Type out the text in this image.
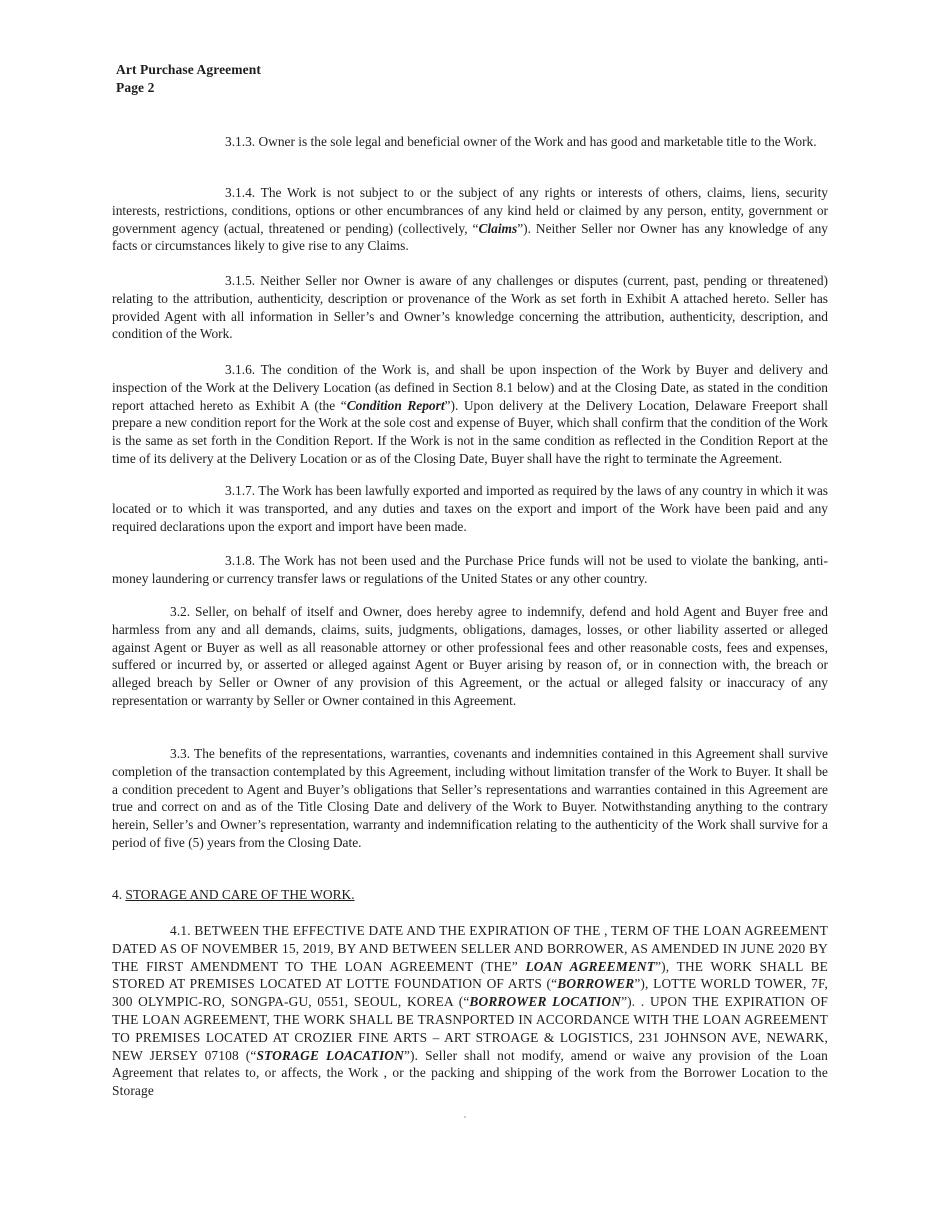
Art Purchase Agreement
Page 2

3.1.3. Owner is the sole legal and beneficial owner of the Work and has good and marketable title to the Work.

3.1.4. The Work is not subject to or the subject of any rights or interests of others, claims, liens, security interests, restrictions, conditions, options or other encumbrances of any kind held or claimed by any person, entity, government or government agency (actual, threatened or pending) (collectively, “Claims”). Neither Seller nor Owner has any knowledge of any facts or circumstances likely to give rise to any Claims.

3.1.5. Neither Seller nor Owner is aware of any challenges or disputes (current, past, pending or threatened) relating to the attribution, authenticity, description or provenance of the Work as set forth in Exhibit A attached hereto. Seller has provided Agent with all information in Seller’s and Owner’s knowledge concerning the attribution, authenticity, description, and condition of the Work.

3.1.6. The condition of the Work is, and shall be upon inspection of the Work by Buyer and delivery and inspection of the Work at the Delivery Location (as defined in Section 8.1 below) and at the Closing Date, as stated in the condition report attached hereto as Exhibit A (the “Condition Report”). Upon delivery at the Delivery Location, Delaware Freeport shall prepare a new condition report for the Work at the sole cost and expense of Buyer, which shall confirm that the condition of the Work is the same as set forth in the Condition Report. If the Work is not in the same condition as reflected in the Condition Report at the time of its delivery at the Delivery Location or as of the Closing Date, Buyer shall have the right to terminate the Agreement.

3.1.7. The Work has been lawfully exported and imported as required by the laws of any country in which it was located or to which it was transported, and any duties and taxes on the export and import of the Work have been paid and any required declarations upon the export and import have been made.

3.1.8. The Work has not been used and the Purchase Price funds will not be used to violate the banking, anti-money laundering or currency transfer laws or regulations of the United States or any other country.

3.2. Seller, on behalf of itself and Owner, does hereby agree to indemnify, defend and hold Agent and Buyer free and harmless from any and all demands, claims, suits, judgments, obligations, damages, losses, or other liability asserted or alleged against Agent or Buyer as well as all reasonable attorney or other professional fees and other reasonable costs, fees and expenses, suffered or incurred by, or asserted or alleged against Agent or Buyer arising by reason of, or in connection with, the breach or alleged breach by Seller or Owner of any provision of this Agreement, or the actual or alleged falsity or inaccuracy of any representation or warranty by Seller or Owner contained in this Agreement.

3.3. The benefits of the representations, warranties, covenants and indemnities contained in this Agreement shall survive completion of the transaction contemplated by this Agreement, including without limitation transfer of the Work to Buyer. It shall be a condition precedent to Agent and Buyer’s obligations that Seller’s representations and warranties contained in this Agreement are true and correct on and as of the Title Closing Date and delivery of the Work to Buyer. Notwithstanding anything to the contrary herein, Seller’s and Owner’s representation, warranty and indemnification relating to the authenticity of the Work shall survive for a period of five (5) years from the Closing Date.

4. STORAGE AND CARE OF THE WORK.

4.1. BETWEEN THE EFFECTIVE DATE AND THE EXPIRATION OF THE , TERM OF THE LOAN AGREEMENT DATED AS OF NOVEMBER 15, 2019, BY AND BETWEEN SELLER AND BORROWER, AS AMENDED IN JUNE 2020 BY THE FIRST AMENDMENT TO THE LOAN AGREEMENT (THE” LOAN AGREEMENT”), THE WORK SHALL BE STORED AT PREMISES LOCATED AT LOTTE FOUNDATION OF ARTS (“BORROWER”), LOTTE WORLD TOWER, 7F, 300 OLYMPIC-RO, SONGPA-GU, 0551, SEOUL, KOREA (“BORROWER LOCATION”). . UPON THE EXPIRATION OF THE LOAN AGREEMENT, THE WORK SHALL BE TRASNPORTED IN ACCORDANCE WITH THE LOAN AGREEMENT TO PREMISES LOCATED AT CROZIER FINE ARTS – ART STROAGE & LOGISTICS, 231 JOHNSON AVE, NEWARK, NEW JERSEY 07108 (“STORAGE LOACATION”). Seller shall not modify, amend or waive any provision of the Loan Agreement that relates to, or affects, the Work , or the packing and shipping of the work from the Borrower Location to the Storage
